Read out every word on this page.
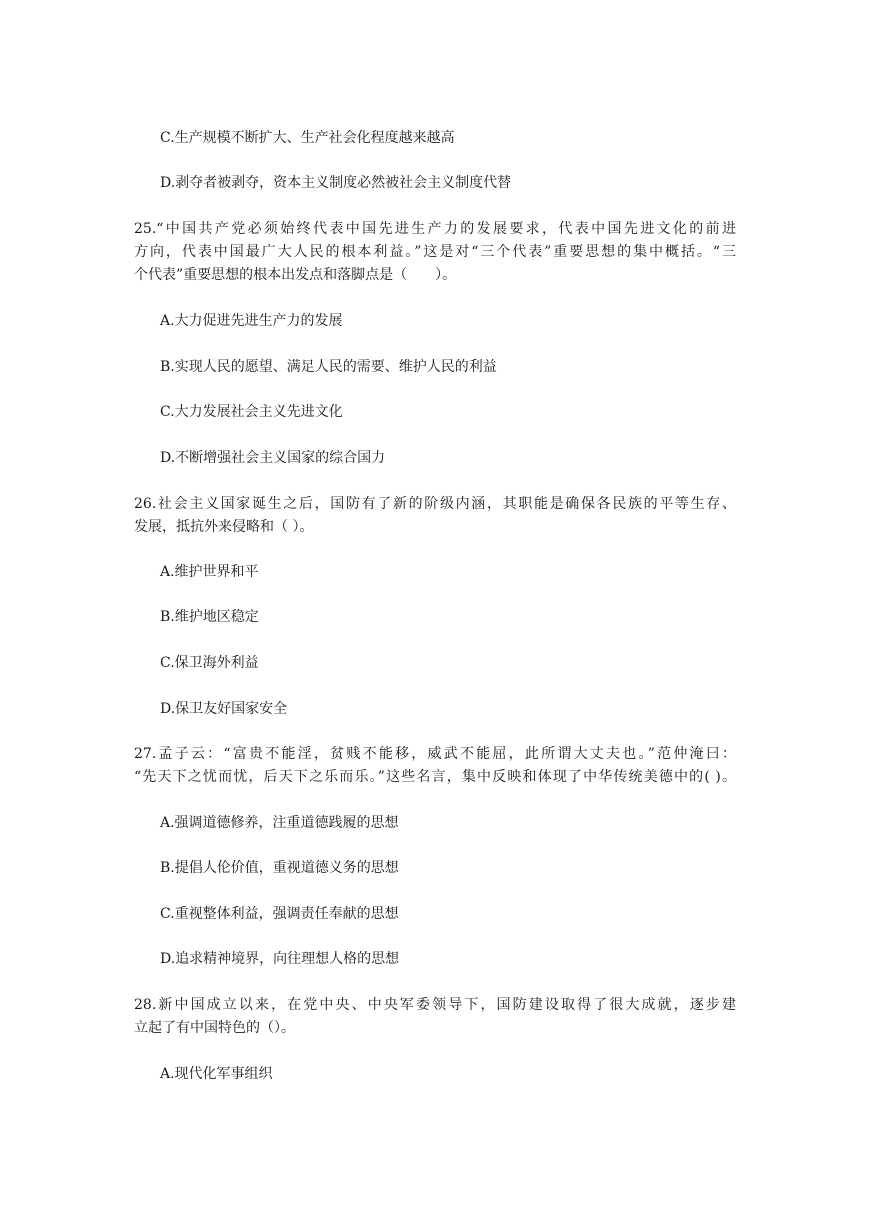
C.生产规模不断扩大、生产社会化程度越来越高
D.剥夺者被剥夺，资本主义制度必然被社会主义制度代替
25.“中国共产党必须始终代表中国先进生产力的发展要求，代表中国先进文化的前进
方向，代表中国最广大人民的根本利益。”这是对“三个代表”重要思想的集中概括。“三
个代表”重要思想的根本出发点和落脚点是（　　）。
A.大力促进先进生产力的发展
B.实现人民的愿望、满足人民的需要、维护人民的利益
C.大力发展社会主义先进文化
D.不断增强社会主义国家的综合国力
26.社会主义国家诞生之后，国防有了新的阶级内涵，其职能是确保各民族的平等生存、
发展，抵抗外来侵略和（ ）。
A.维护世界和平
B.维护地区稳定
C.保卫海外利益
D.保卫友好国家安全
27.孟子云：“富贵不能淫，贫贱不能移，威武不能屈，此所谓大丈夫也。”范仲淹曰：
“先天下之忧而忧，后天下之乐而乐。”这些名言，集中反映和体现了中华传统美德中的( )。
A.强调道德修养，注重道德践履的思想
B.提倡人伦价值，重视道德义务的思想
C.重视整体利益，强调责任奉献的思想
D.追求精神境界，向往理想人格的思想
28.新中国成立以来，在党中央、中央军委领导下，国防建设取得了很大成就，逐步建
立起了有中国特色的（）。
A.现代化军事组织
